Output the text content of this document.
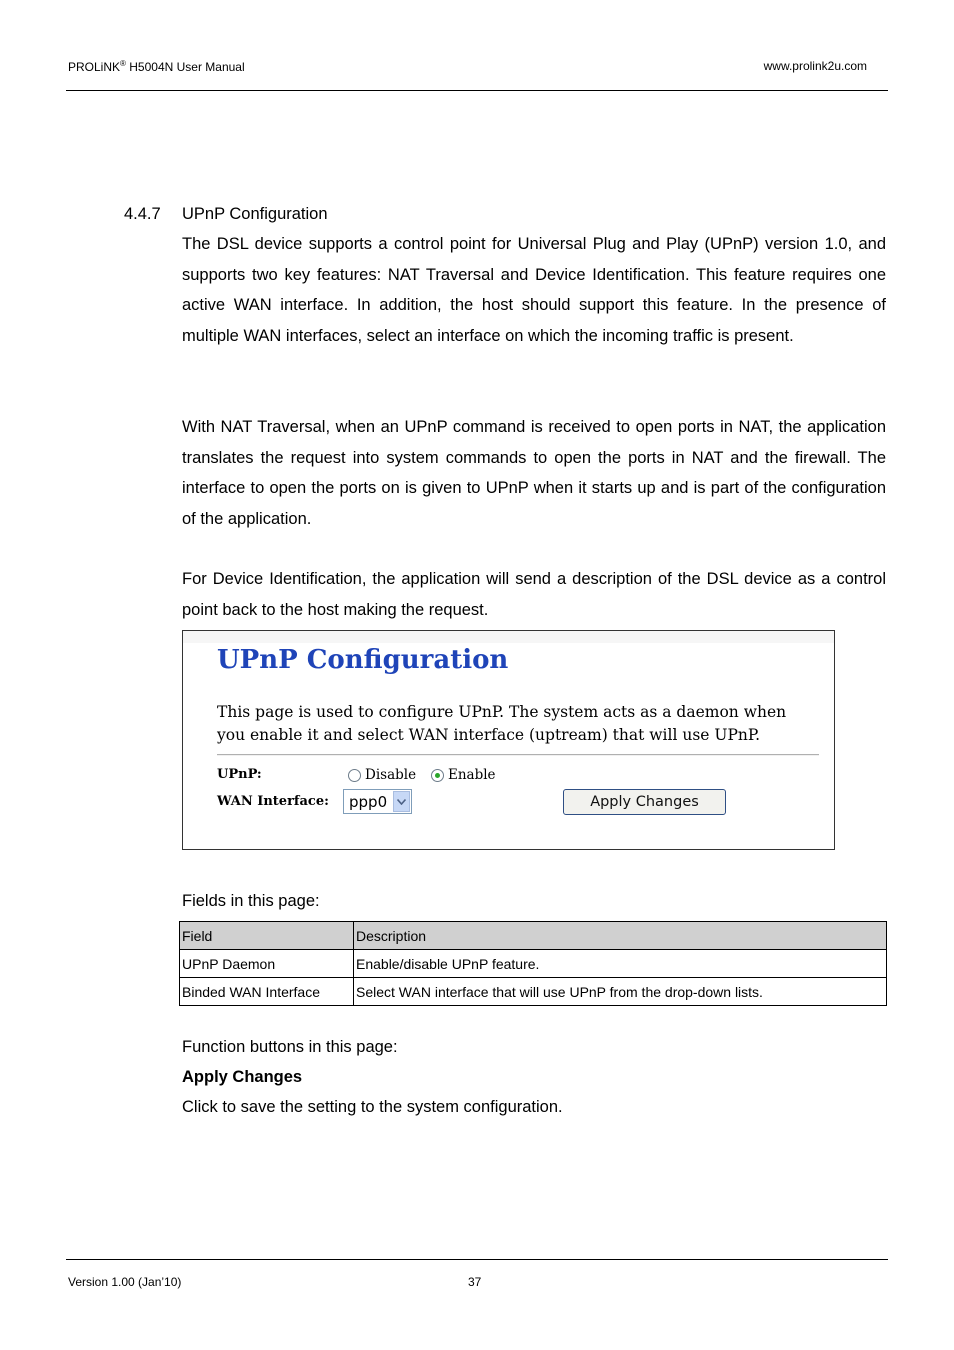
PROLiNK® H5004N User Manual	www.prolink2u.com
4.4.7 UPnP Configuration

The DSL device supports a control point for Universal Plug and Play (UPnP) version 1.0, and supports two key features: NAT Traversal and Device Identification. This feature requires one active WAN interface. In addition, the host should support this feature. In the presence of multiple WAN interfaces, select an interface on which the incoming traffic is present.

With NAT Traversal, when an UPnP command is received to open ports in NAT, the application translates the request into system commands to open the ports in NAT and the firewall. The interface to open the ports on is given to UPnP when it starts up and is part of the configuration of the application.

For Device Identification, the application will send a description of the DSL device as a control point back to the host making the request.

UPnP Configuration

This page is used to configure UPnP. The system acts as a daemon when you enable it and select WAN interface (uptream) that will use UPnP.

UPnP:	Disable Enable
WAN Interface: ppp0	Apply Changes
Fields in this page:
Field	Description
UPnP Daemon	Enable/disable UPnP feature.
Binded WAN Interface	Select WAN interface that will use UPnP from the drop-down lists.
Function buttons in this page:
Apply Changes
Click to save the setting to the system configuration.
Version 1.00 (Jan’10)	37
